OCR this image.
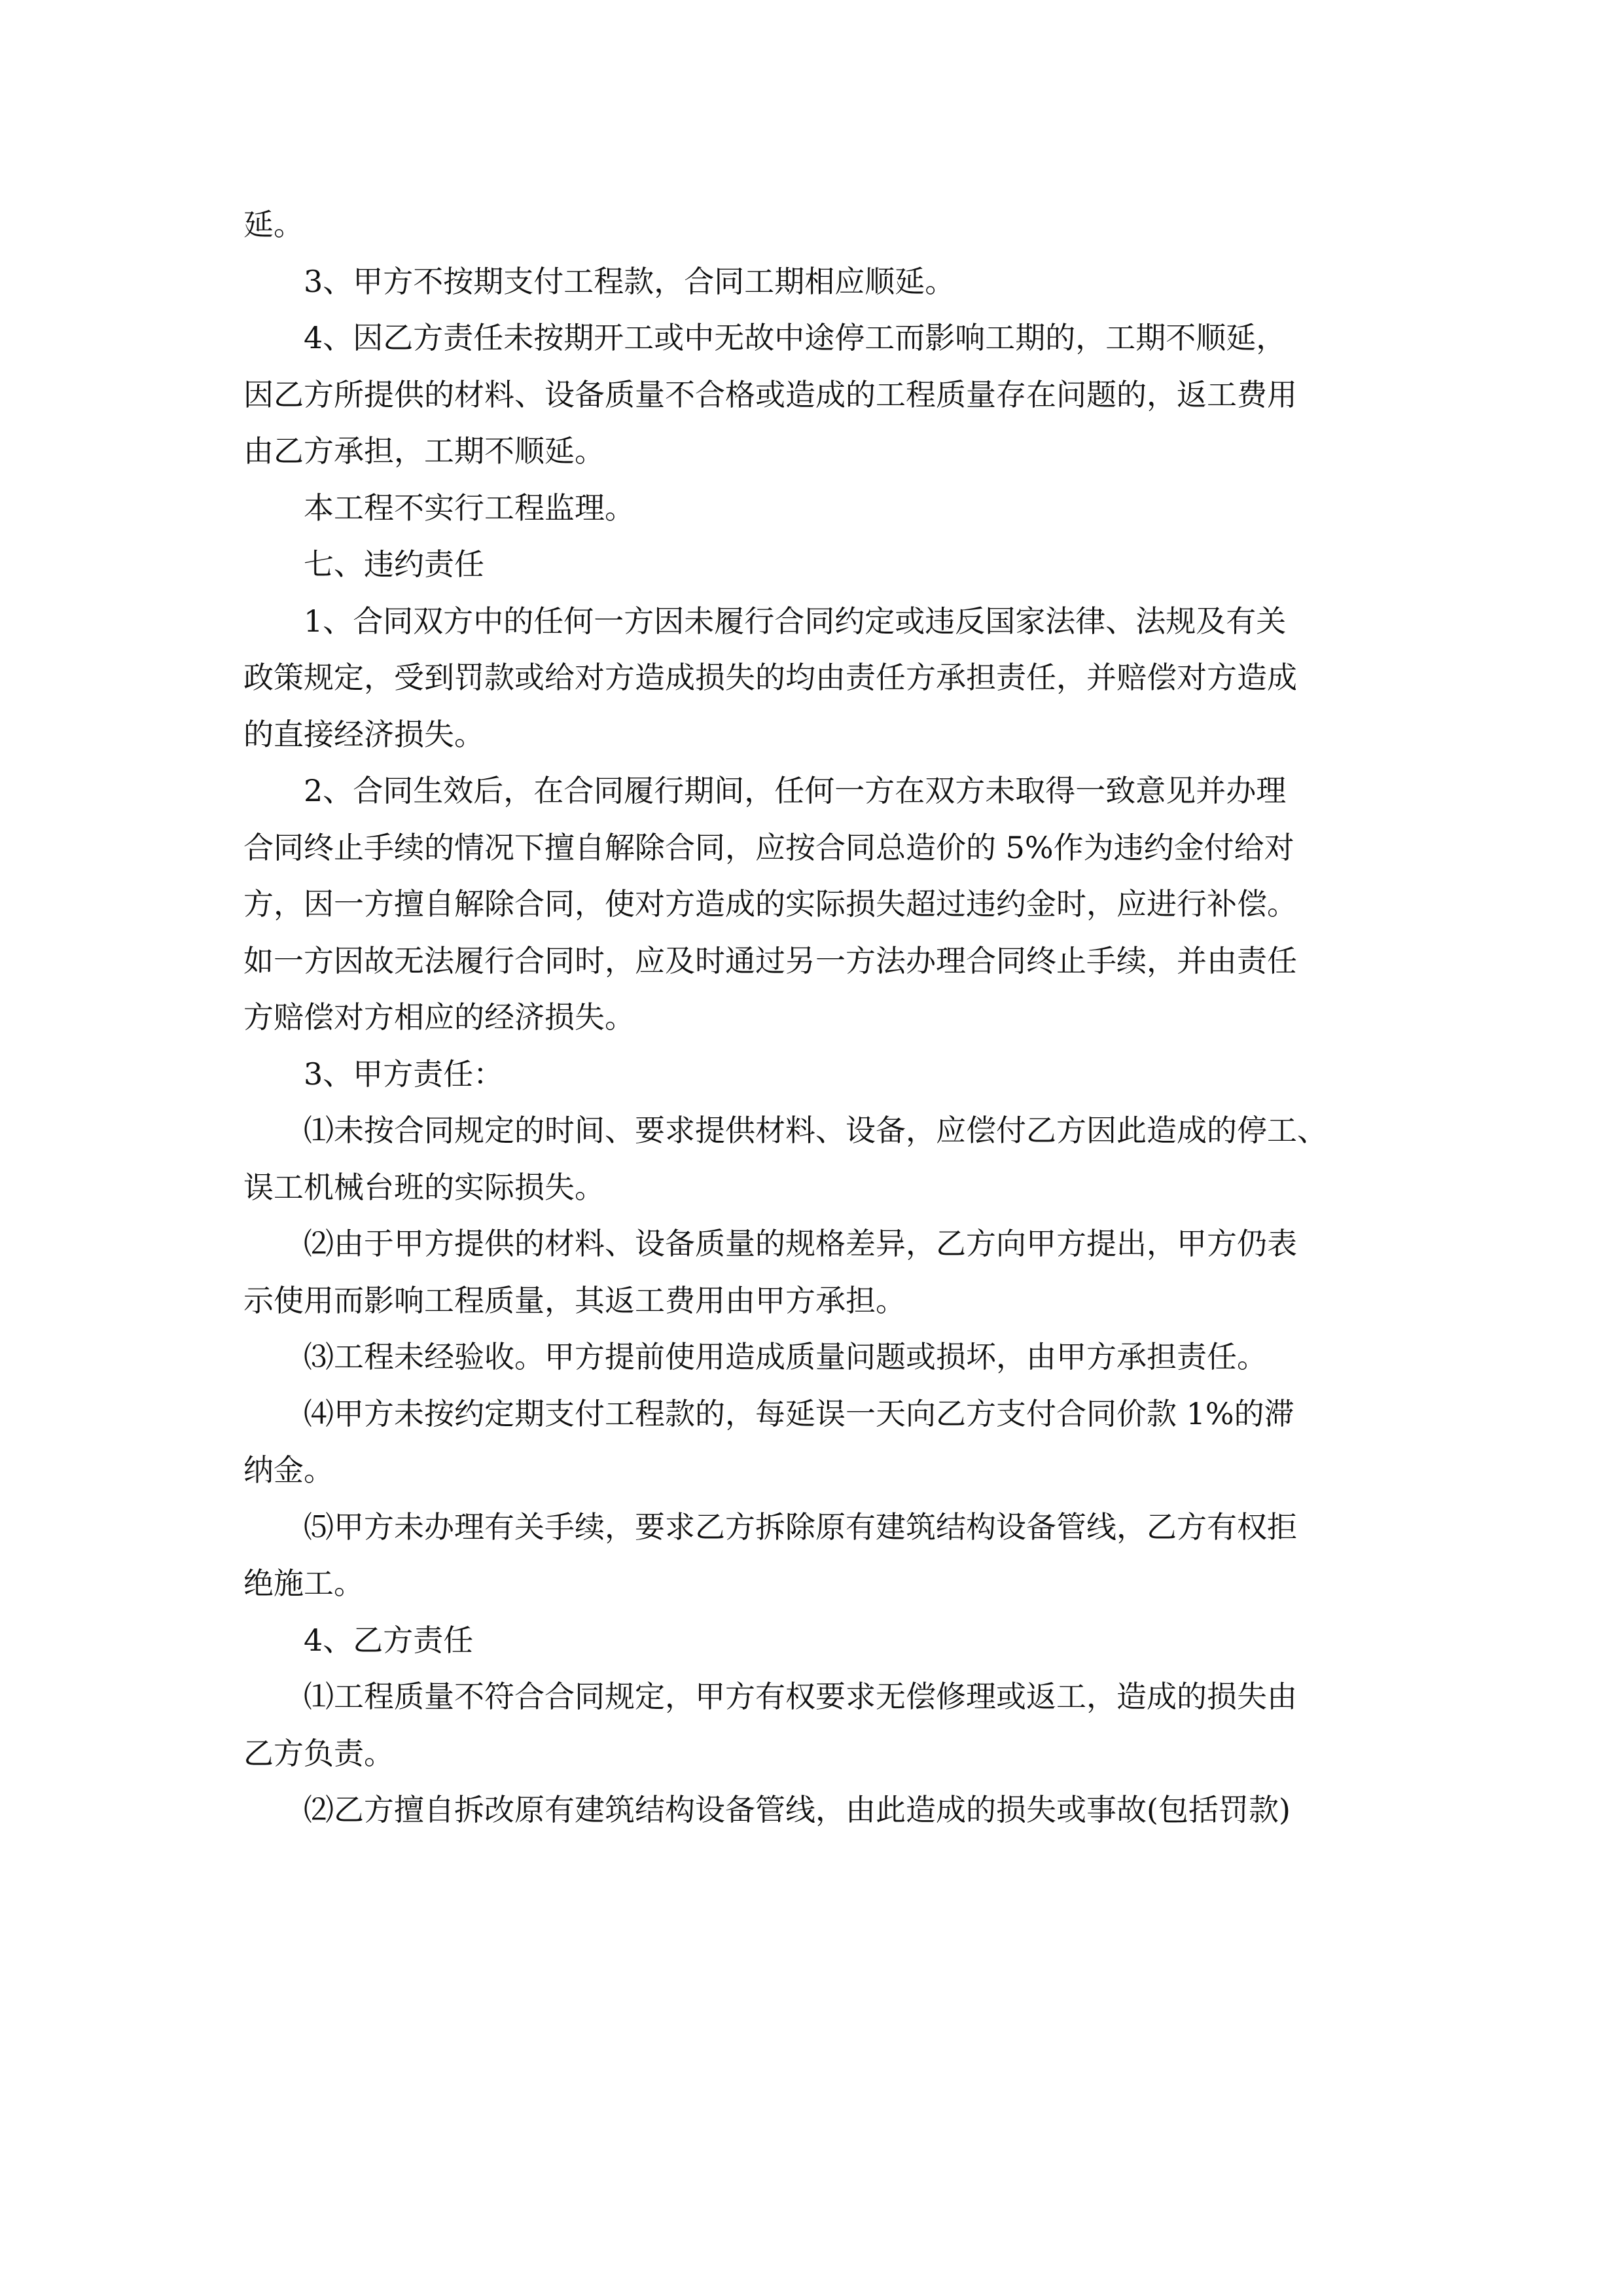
延。

3、甲方不按期支付工程款，合同工期相应顺延。

4、因乙方责任未按期开工或中无故中途停工而影响工期的，工期不顺延，

因乙方所提供的材料、设备质量不合格或造成的工程质量存在问题的，返工费用

由乙方承担，工期不顺延。

本工程不实行工程监理。

七、违约责任

1、合同双方中的任何一方因未履行合同约定或违反国家法律、法规及有关

政策规定，受到罚款或给对方造成损失的均由责任方承担责任，并赔偿对方造成

的直接经济损失。

2、合同生效后，在合同履行期间，任何一方在双方未取得一致意见并办理

合同终止手续的情况下擅自解除合同，应按合同总造价的 5%作为违约金付给对

方，因一方擅自解除合同，使对方造成的实际损失超过违约金时，应进行补偿。

如一方因故无法履行合同时，应及时通过另一方法办理合同终止手续，并由责任

方赔偿对方相应的经济损失。

3、甲方责任：

⑴未按合同规定的时间、要求提供材料、设备，应偿付乙方因此造成的停工、

误工机械台班的实际损失。

⑵由于甲方提供的材料、设备质量的规格差异，乙方向甲方提出，甲方仍表

示使用而影响工程质量，其返工费用由甲方承担。

⑶工程未经验收。甲方提前使用造成质量问题或损坏，由甲方承担责任。

⑷甲方未按约定期支付工程款的，每延误一天向乙方支付合同价款 1%的滞

纳金。

⑸甲方未办理有关手续，要求乙方拆除原有建筑结构设备管线，乙方有权拒

绝施工。

4、乙方责任

⑴工程质量不符合合同规定，甲方有权要求无偿修理或返工，造成的损失由

乙方负责。

⑵乙方擅自拆改原有建筑结构设备管线，由此造成的损失或事故(包括罚款)
